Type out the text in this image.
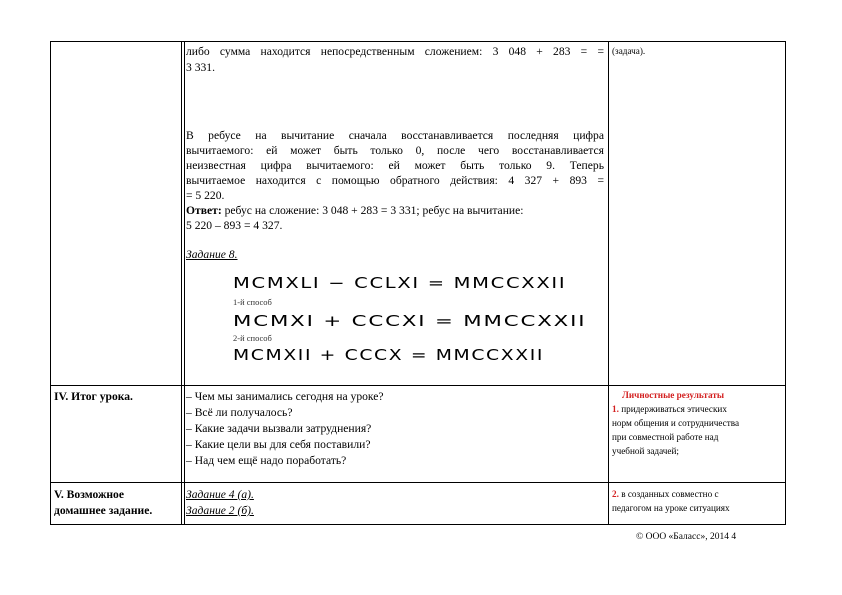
либо сумма находится непосредственным сложением: 3 048 + 283 = =
3 331.
В ребусе на вычитание сначала восстанавливается последняя цифра
вычитаемого: ей может быть только 0, после чего восстанавливается
неизвестная цифра вычитаемого: ей может быть только 9. Теперь
вычитаемое находится с помощью обратного действия: 4 327 + 893 =
= 5 220.
Ответ: ребус на сложение: 3 048 + 283 = 3 331; ребус на вычитание:
5 220 – 893 = 4 327.
Задание 8.
MCMXLI − CCLXI = MMCCXXII
1-й способ
MCMXI + CCCXI = MMCCXXII
2-й способ
MCMXII + CCCX = MMCCXXII
(задача).
IV. Итог урока.	– Чем мы занимались сегодня на уроке?
– Всё ли получалось?
– Какие задачи вызвали затруднения?
– Какие цели вы для себя поставили?
– Над чем ещё надо поработать?
Личностные результаты
1. придерживаться этических
норм общения и сотрудничества
при совместной работе над
учебной задачей;
V. Возможное
домашнее задание.
Задание 4 (а).
Задание 2 (б).
2. в созданных совместно с
педагогом на уроке ситуациях
© ООО «Баласс», 2014 4
